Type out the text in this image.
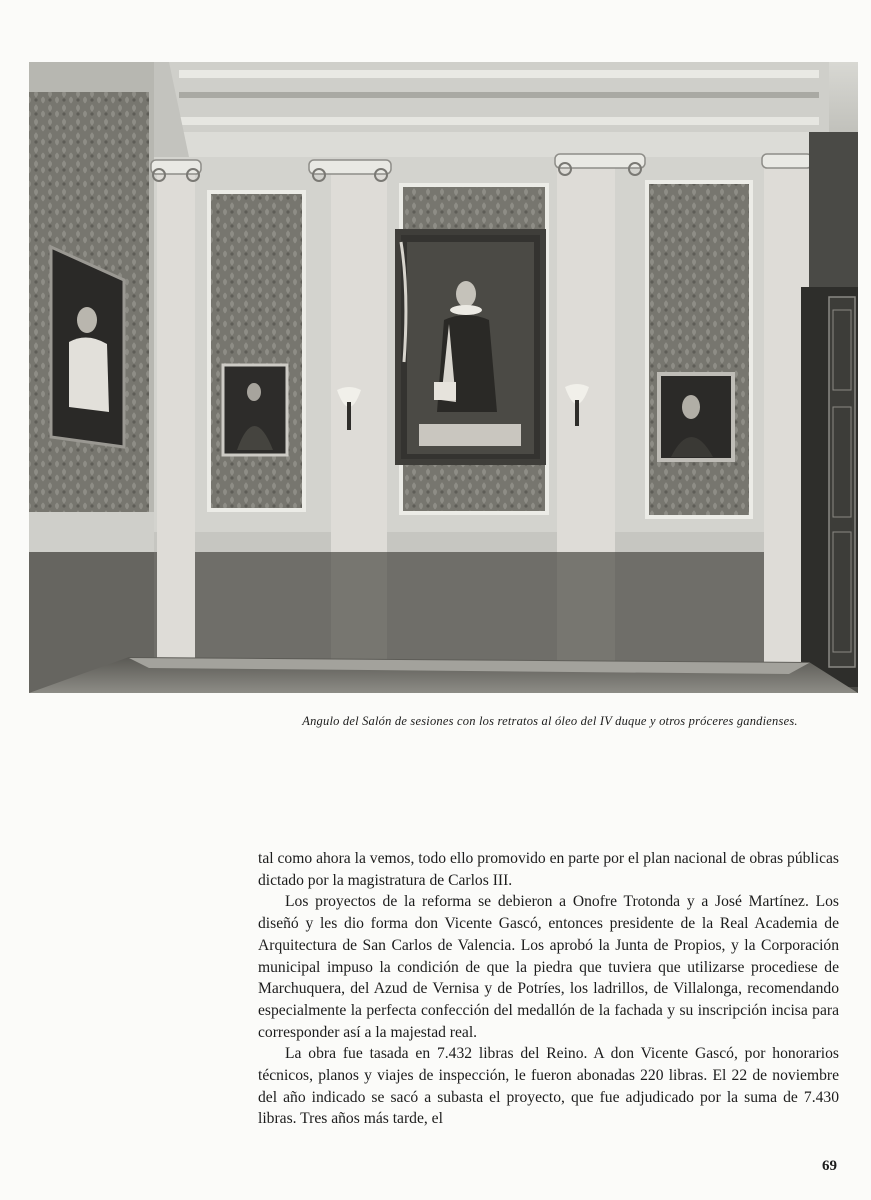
Angulo del Salón de sesiones con los retratos al óleo del IV duque y otros próceres gandienses.

tal como ahora la vemos, todo ello promovido en parte por el plan nacional de obras públicas dictado por la magistratura de Carlos III.

Los proyectos de la reforma se debieron a Onofre Trotonda y a José Martínez. Los diseñó y les dio forma don Vicente Gascó, entonces presidente de la Real Academia de Arquitectura de San Carlos de Valencia. Los aprobó la Junta de Propios, y la Corporación municipal impuso la condición de que la piedra que tuviera que utilizarse procediese de Marchuquera, del Azud de Vernisa y de Potríes, los ladrillos, de Villalonga, recomendando especialmente la perfecta confección del medallón de la fachada y su inscripción incisa para corresponder así a la majestad real.

La obra fue tasada en 7.432 libras del Reino. A don Vicente Gascó, por honorarios técnicos, planos y viajes de inspección, le fueron abonadas 220 libras. El 22 de noviembre del año indicado se sacó a subasta el proyecto, que fue adjudicado por la suma de 7.430 libras. Tres años más tarde, el

69
